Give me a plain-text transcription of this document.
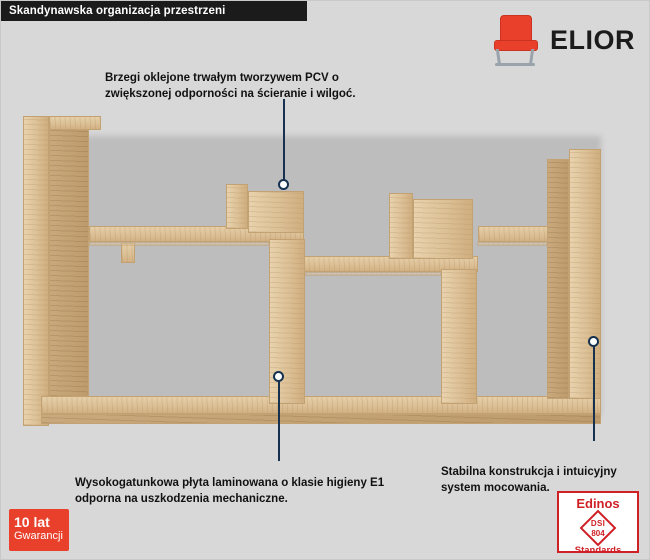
Skandynawska organizacja przestrzeni
ELIOR
Brzegi oklejone trwałym tworzywem PCV o zwiększonej odporności na ścieranie i wilgoć.
Wysokogatunkowa płyta laminowana o klasie higieny E1 odporna na uszkodzenia mechaniczne.
Stabilna konstrukcja i intuicyjny system mocowania.
10 lat
Gwarancji
Edinos
DSI
804
Standards
